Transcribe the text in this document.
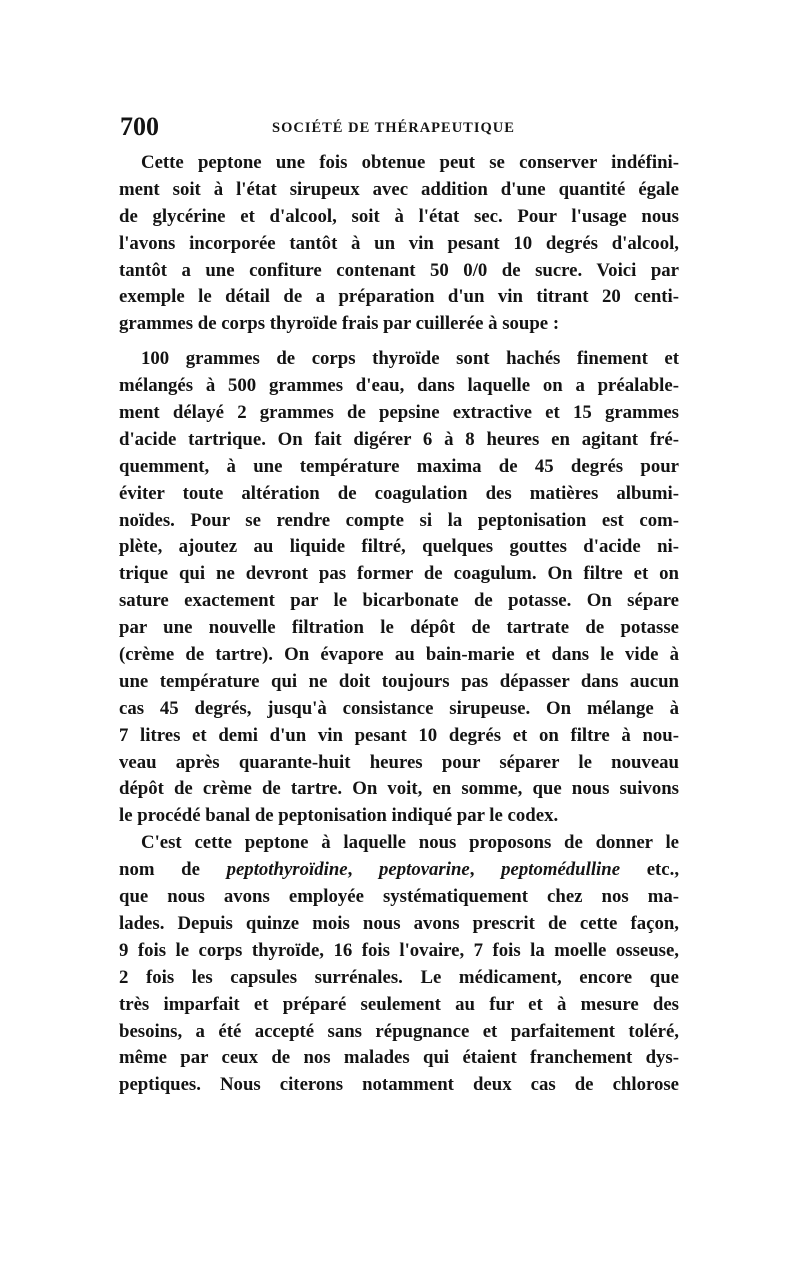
700	SOCIÉTÉ DE THÉRAPEUTIQUE
Cette peptone une fois obtenue peut se conserver indéfini-
ment soit à l'état sirupeux avec addition d'une quantité égale
de glycérine et d'alcool, soit à l'état sec. Pour l'usage nous
l'avons incorporée tantôt à un vin pesant 10 degrés d'alcool,
tantôt a une confiture contenant 50 0/0 de sucre. Voici par
exemple le détail de a préparation d'un vin titrant 20 centi-
grammes de corps thyroïde frais par cuillerée à soupe :
100 grammes de corps thyroïde sont hachés finement et
mélangés à 500 grammes d'eau, dans laquelle on a préalable-
ment délayé 2 grammes de pepsine extractive et 15 grammes
d'acide tartrique. On fait digérer 6 à 8 heures en agitant fré-
quemment, à une température maxima de 45 degrés pour
éviter toute altération de coagulation des matières albumi-
noïdes. Pour se rendre compte si la peptonisation est com-
plète, ajoutez au liquide filtré, quelques gouttes d'acide ni-
trique qui ne devront pas former de coagulum. On filtre et on
sature exactement par le bicarbonate de potasse. On sépare
par une nouvelle filtration le dépôt de tartrate de potasse
(crème de tartre). On évapore au bain-marie et dans le vide à
une température qui ne doit toujours pas dépasser dans aucun
cas 45 degrés, jusqu'à consistance sirupeuse. On mélange à
7 litres et demi d'un vin pesant 10 degrés et on filtre à nou-
veau après quarante-huit heures pour séparer le nouveau
dépôt de crème de tartre. On voit, en somme, que nous suivons
le procédé banal de peptonisation indiqué par le codex.
C'est cette peptone à laquelle nous proposons de donner le
nom de peptothyroïdine, peptovarine, peptomédulline etc.,
que nous avons employée systématiquement chez nos ma-
lades. Depuis quinze mois nous avons prescrit de cette façon,
9 fois le corps thyroïde, 16 fois l'ovaire, 7 fois la moelle osseuse,
2 fois les capsules surrénales. Le médicament, encore que
très imparfait et préparé seulement au fur et à mesure des
besoins, a été accepté sans répugnance et parfaitement toléré,
même par ceux de nos malades qui étaient franchement dys-
peptiques. Nous citerons notamment deux cas de chlorose
